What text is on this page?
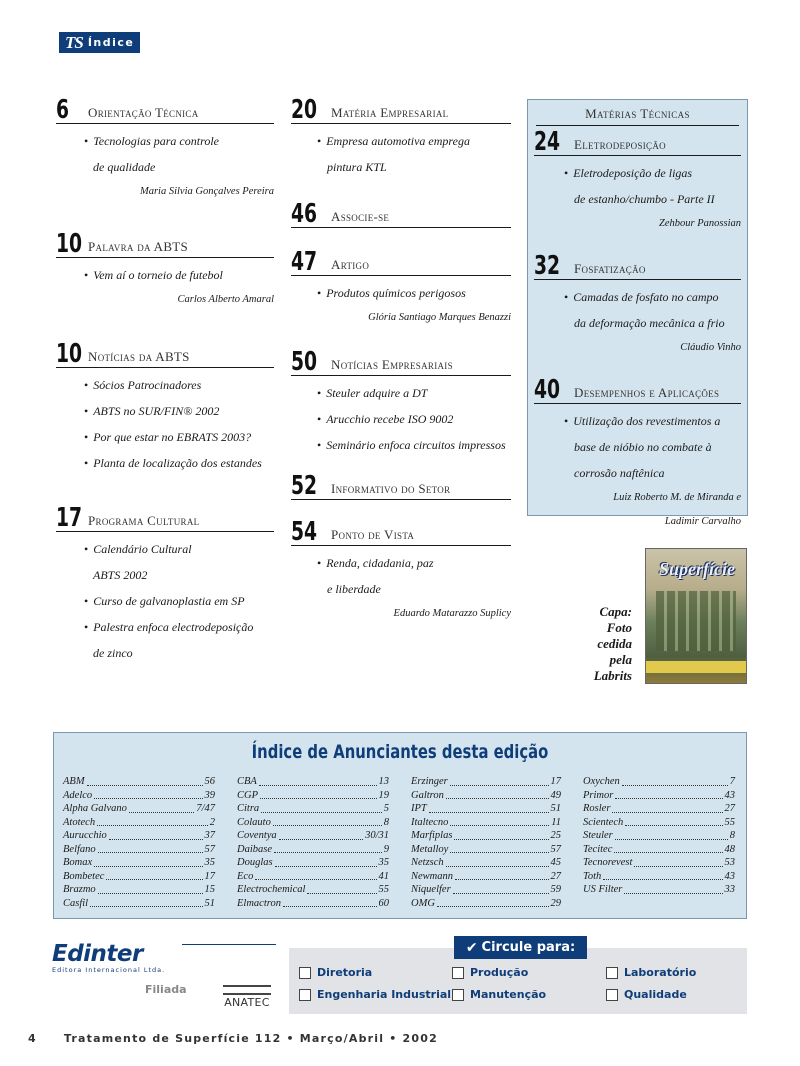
TS Índice
6	Orientação Técnica
• Tecnologias para controle
de qualidade
Maria Silvia Gonçalves Pereira
10 Palavra da ABTS
• Vem aí o torneio de futebol
Carlos Alberto Amaral
10 Notícias da ABTS
• Sócios Patrocinadores
• ABTS no SUR/FIN® 2002
• Por que estar no EBRATS 2003?
• Planta de localização dos estandes
17 Programa Cultural
• Calendário Cultural
ABTS 2002
• Curso de galvanoplastia em SP
• Palestra enfoca electrodeposição
de zinco
20 Matéria Empresarial
• Empresa automotiva emprega
pintura KTL
46 Associe-se
47 Artigo
• Produtos químicos perigosos
Glória Santiago Marques Benazzi
50 Notícias Empresariais
• Steuler adquire a DT
• Arucchio recebe ISO 9002
• Seminário enfoca circuitos impressos
52 Informativo do Setor
54 Ponto de Vista
• Renda, cidadania, paz
e liberdade
Eduardo Matarazzo Suplicy
Matérias Técnicas
24 Eletrodeposição
• Eletrodeposição de ligas
de estanho/chumbo - Parte II
Zehbour Panossian
32 Fosfatização
• Camadas de fosfato no campo
da deformação mecânica a frio
Cláudio Vinho
40 Desempenhos e Aplicações
• Utilização dos revestimentos a
base de nióbio no combate à
corrosão naftênica
Luiz Roberto M. de Miranda e
Ladimir Carvalho
Superfície
Capa:
Foto
cedida
pela
Labrits
Índice de Anunciantes desta edição
ABM	56
Adelco	39
Alpha Galvano	7/47
Atotech	2
Aurucchio	37
Belfano	57
Bomax	35
Bombetec	17
Brazmo	15
Casfil	51
CBA	13
CGP	19
Citra	5
Colauto	8
Coventya	30/31
Daibase	9
Douglas	35
Eco	41
Electrochemical	55
Elmactron	60
Erzinger	17
Galtron	49
IPT	51
Italtecno	11
Marfiplas	25
Metalloy	57
Netzsch	45
Newmann	27
Niquelfer	59
OMG	29
Oxychen	7
Primor	43
Rosler	27
Scientech	55
Steuler	8
Tecitec	48
Tecnorevest	53
Toth	43
US Filter	33
Edinter
Editora Internacional Ltda.
Filiada
ANATEC
✔ Circule para:
Diretoria
Engenharia Industrial
Produção
Manutenção
Laboratório
Qualidade
4 Tratamento de Superfície 112 • Março/Abril • 2002
